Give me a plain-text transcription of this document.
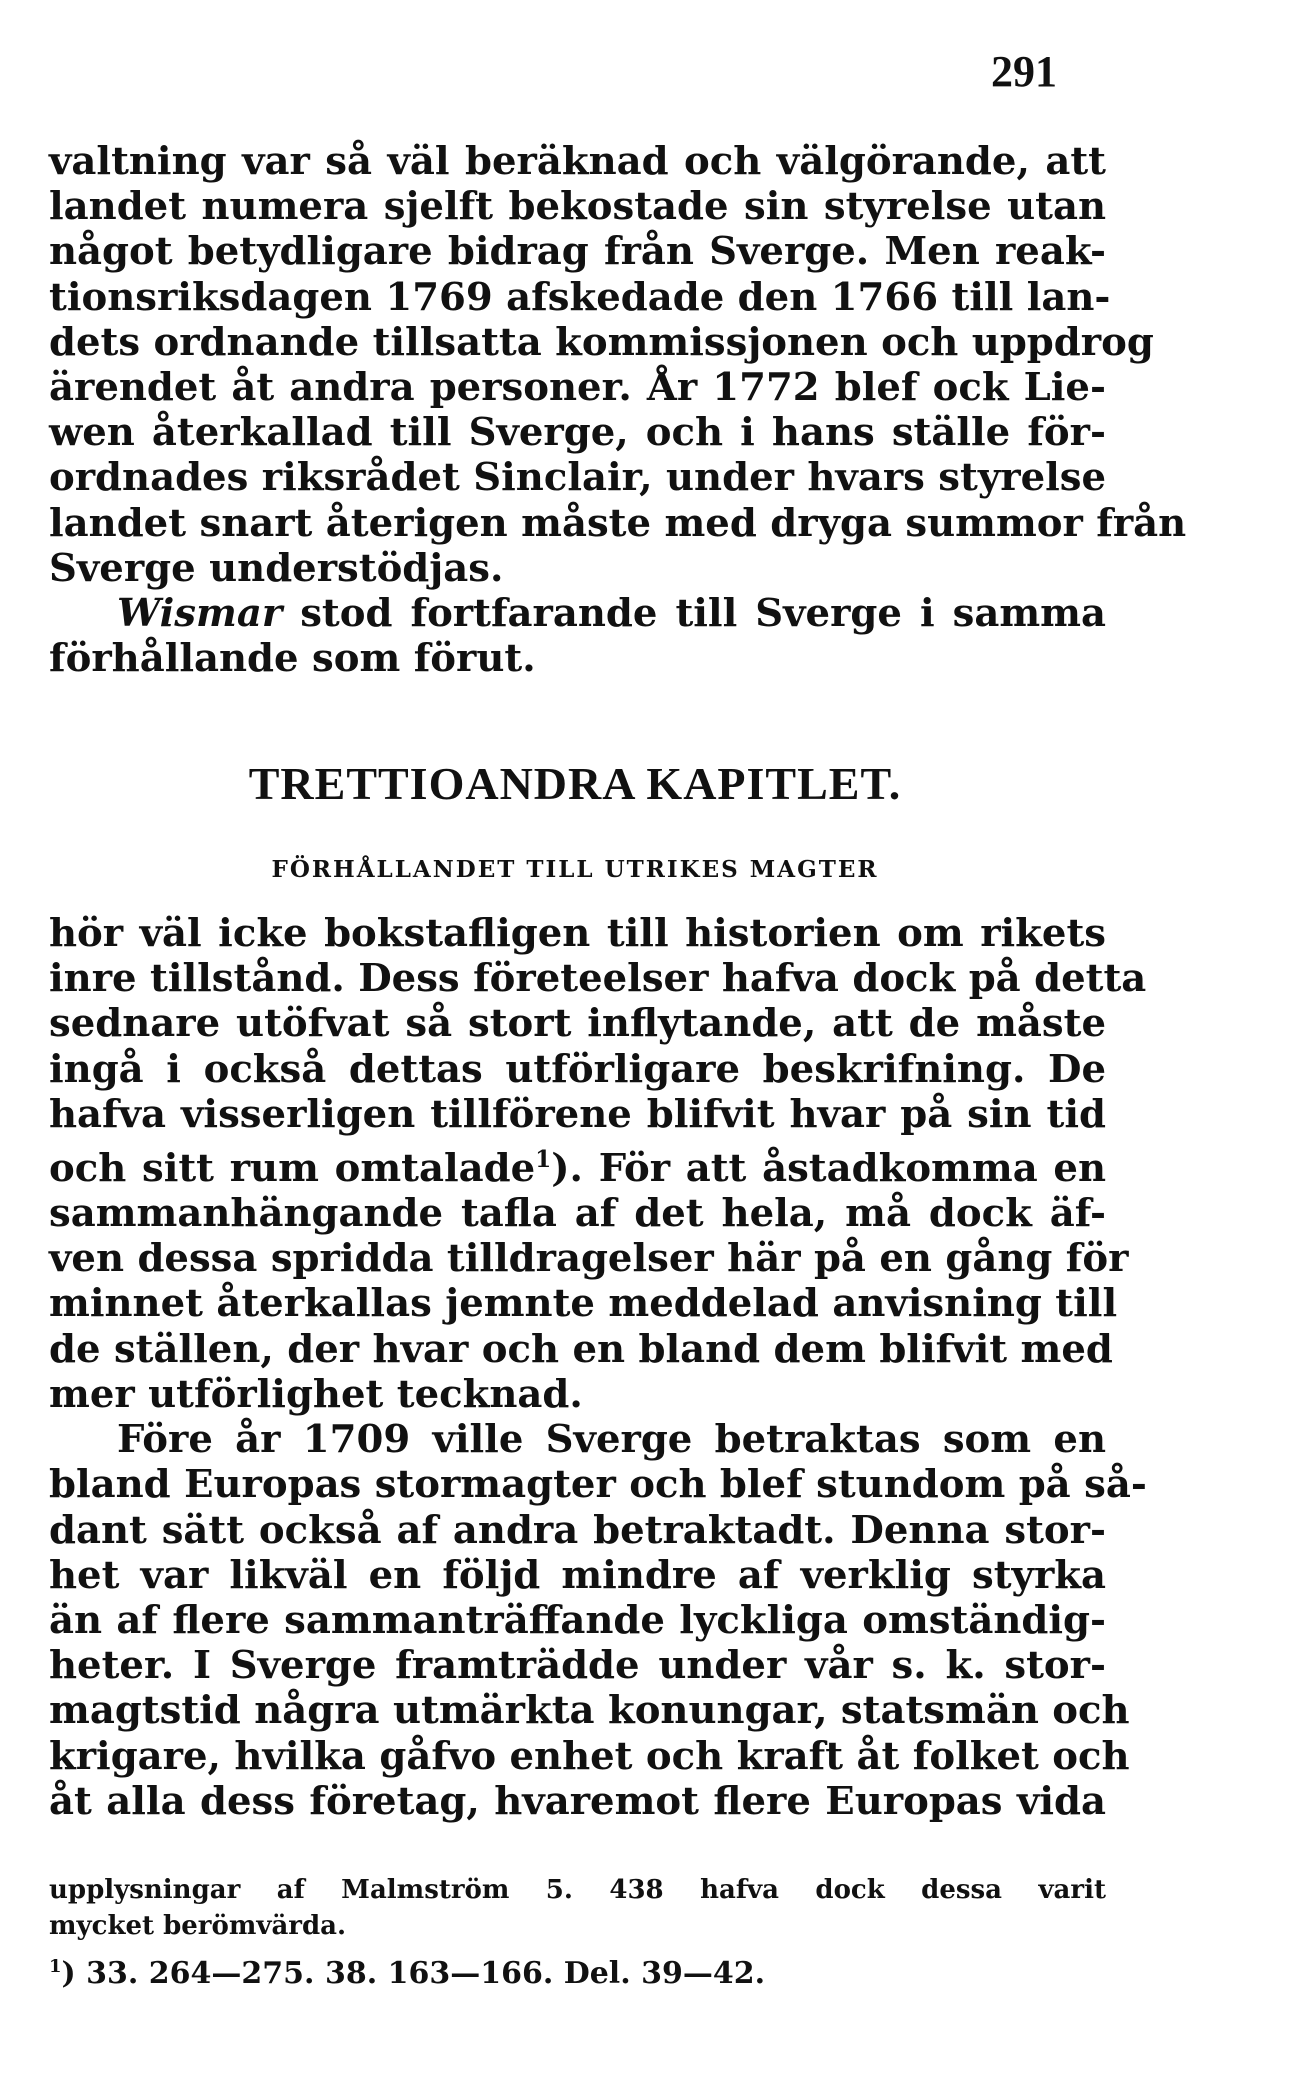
291
valtning var så väl beräknad och välgörande, att
landet numera sjelft bekostade sin styrelse utan
något betydligare bidrag från Sverge. Men reak-
tionsriksdagen 1769 afskedade den 1766 till lan-
dets ordnande tillsatta kommissjonen och uppdrog
ärendet åt andra personer. År 1772 blef ock Lie-
wen återkallad till Sverge, och i hans ställe för-
ordnades riksrådet Sinclair, under hvars styrelse
landet snart återigen måste med dryga summor från
Sverge understödjas.
Wismar stod fortfarande till Sverge i samma
förhållande som förut.
TRETTIOANDRA KAPITLET.
FÖRHÅLLANDET TILL UTRIKES MAGTER
hör väl icke bokstafligen till historien om rikets
inre tillstånd. Dess företeelser hafva dock på detta
sednare utöfvat så stort inflytande, att de måste
ingå i också dettas utförligare beskrifning. De
hafva visserligen tillförene blifvit hvar på sin tid
och sitt rum omtalade$^1$). För att åstadkomma en
sammanhängande tafla af det hela, må dock äf-
ven dessa spridda tilldragelser här på en gång för
minnet återkallas jemnte meddelad anvisning till
de ställen, der hvar och en bland dem blifvit med
mer utförlighet tecknad.
Före år 1709 ville Sverge betraktas som en
bland Europas stormagter och blef stundom på så-
dant sätt också af andra betraktadt. Denna stor-
het var likväl en följd mindre af verklig styrka
än af flere sammanträffande lyckliga omständig-
heter. I Sverge framträdde under vår s. k. stor-
magtstid några utmärkta konungar, statsmän och
krigare, hvilka gåfvo enhet och kraft åt folket och
åt alla dess företag, hvaremot flere Europas vida
upplysningar af Malmström 5. 438 hafva dock dessa varit
mycket berömvärda.
$^1$) 33. 264—275. 38. 163—166. Del. 39—42.
